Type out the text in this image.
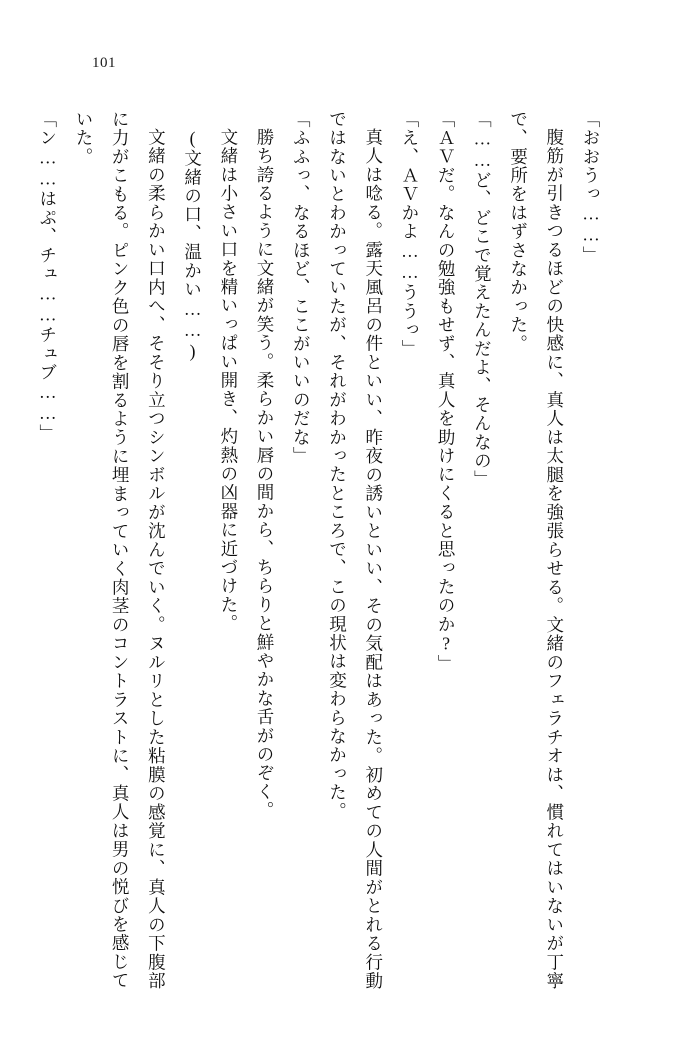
101

「おおうっ……」

腹筋が引きつるほどの快感に、真人は太腿を強張らせる。文緒のフェラチオは、慣れてはいないが丁寧で、要所をはずさなかった。

「……ど、どこで覚えたんだよ、そんなの」

「ＡＶだ。なんの勉強もせず、真人を助けにくると思ったのか?」

「え、ＡＶかよ……ううっ」

真人は唸る。露天風呂の件といい、昨夜の誘いといい、その気配はあった。初めての人間がとれる行動ではないとわかっていたが、それがわかったところで、この現状は変わらなかった。

「ふふっ、なるほど、ここがいいのだな」

勝ち誇るように文緒が笑う。柔らかい唇の間から、ちらりと鮮やかな舌がのぞく。

文緒は小さい口を精いっぱい開き、灼熱の凶器に近づけた。

(文緒の口、温かい……)

文緒の柔らかい口内へ、そそり立つシンボルが沈んでいく。ヌルリとした粘膜の感覚に、真人の下腹部に力がこもる。ピンク色の唇を割るように埋まっていく肉茎のコントラストに、真人は男の悦びを感じていた。

「ン……はぷ、チュ……チュブ……」
